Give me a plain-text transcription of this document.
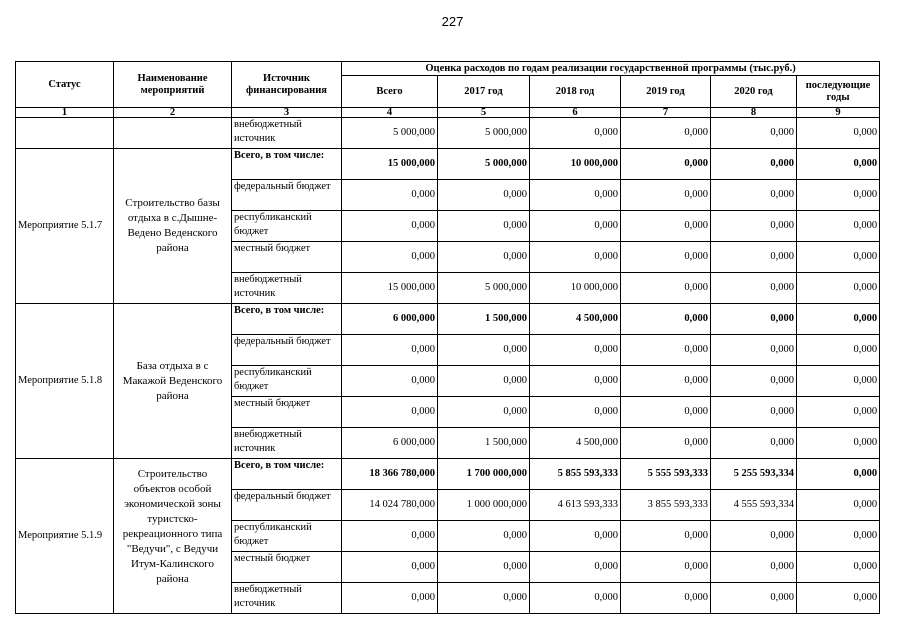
227
Статус	Наименование мероприятий	Источник финансирования	Оценка расходов по годам реализации государственной программы (тыс.руб.)					
			Всего	2017 год	2018 год	2019 год	2020 год	последующие годы
1	2	3	4	5	6	7	8	9
		внебюджетный источник	5 000,000	5 000,000	0,000	0,000	0,000	0,000
Мероприятие 5.1.7	Строительство базы отдыха в с.Дышне-Ведено Веденского района	Всего, в том числе:	15 000,000	5 000,000	10 000,000	0,000	0,000	0,000
		федеральный бюджет	0,000	0,000	0,000	0,000	0,000	0,000
		республиканский бюджет	0,000	0,000	0,000	0,000	0,000	0,000
		местный бюджет	0,000	0,000	0,000	0,000	0,000	0,000
		внебюджетный источник	15 000,000	5 000,000	10 000,000	0,000	0,000	0,000
Мероприятие 5.1.8	База отдыха в с Макажой Веденского района	Всего, в том числе:	6 000,000	1 500,000	4 500,000	0,000	0,000	0,000
		федеральный бюджет	0,000	0,000	0,000	0,000	0,000	0,000
		республиканский бюджет	0,000	0,000	0,000	0,000	0,000	0,000
		местный бюджет	0,000	0,000	0,000	0,000	0,000	0,000
		внебюджетный источник	6 000,000	1 500,000	4 500,000	0,000	0,000	0,000
Мероприятие 5.1.9	Строительство объектов особой экономической зоны туристско-рекреационного типа "Ведучи", с Ведучи Итум-Калинского района	Всего, в том числе:	18 366 780,000	1 700 000,000	5 855 593,333	5 555 593,333	5 255 593,334	0,000
		федеральный бюджет	14 024 780,000	1 000 000,000	4 613 593,333	3 855 593,333	4 555 593,334	0,000
		республиканский бюджет	0,000	0,000	0,000	0,000	0,000	0,000
		местный бюджет	0,000	0,000	0,000	0,000	0,000	0,000
		внебюджетный источник	0,000	0,000	0,000	0,000	0,000	0,000
